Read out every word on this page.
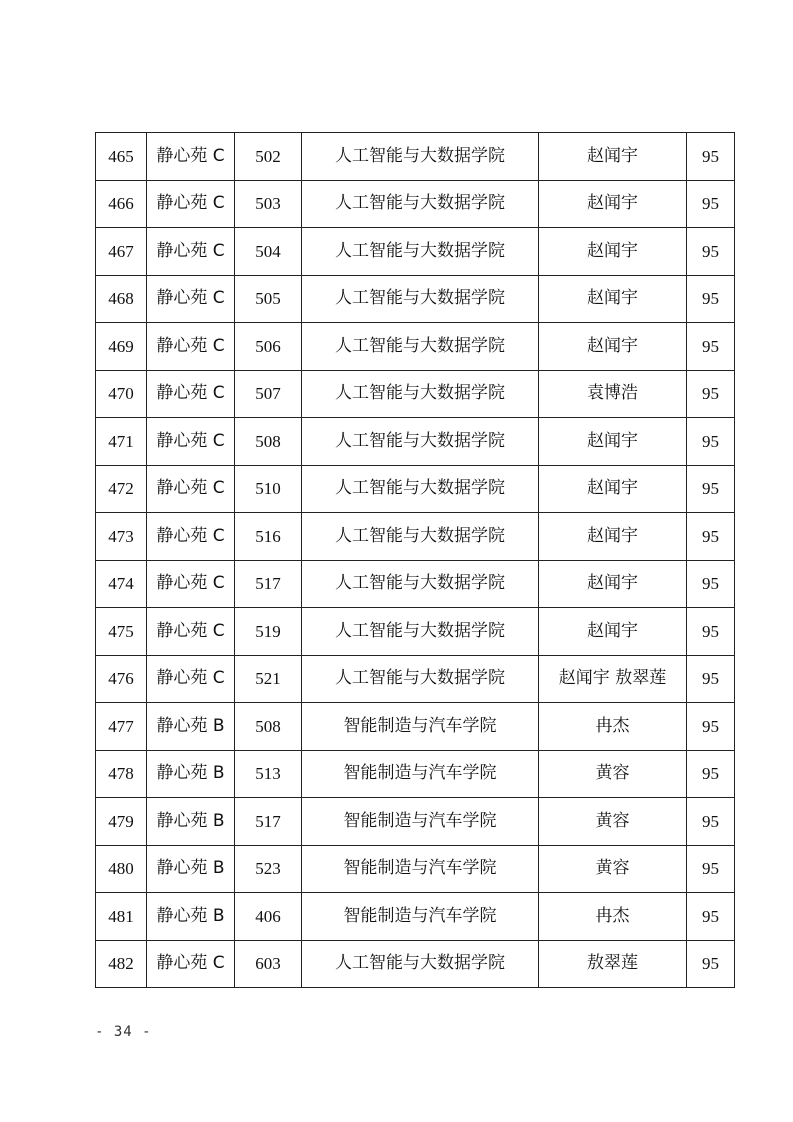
465	静心苑 C	502	人工智能与大数据学院	赵闻宇	95
466	静心苑 C	503	人工智能与大数据学院	赵闻宇	95
467	静心苑 C	504	人工智能与大数据学院	赵闻宇	95
468	静心苑 C	505	人工智能与大数据学院	赵闻宇	95
469	静心苑 C	506	人工智能与大数据学院	赵闻宇	95
470	静心苑 C	507	人工智能与大数据学院	袁博浩	95
471	静心苑 C	508	人工智能与大数据学院	赵闻宇	95
472	静心苑 C	510	人工智能与大数据学院	赵闻宇	95
473	静心苑 C	516	人工智能与大数据学院	赵闻宇	95
474	静心苑 C	517	人工智能与大数据学院	赵闻宇	95
475	静心苑 C	519	人工智能与大数据学院	赵闻宇	95
476	静心苑 C	521	人工智能与大数据学院	赵闻宇 敖翠莲	95
477	静心苑 B	508	智能制造与汽车学院	冉杰	95
478	静心苑 B	513	智能制造与汽车学院	黄容	95
479	静心苑 B	517	智能制造与汽车学院	黄容	95
480	静心苑 B	523	智能制造与汽车学院	黄容	95
481	静心苑 B	406	智能制造与汽车学院	冉杰	95
482	静心苑 C	603	人工智能与大数据学院	敖翠莲	95
- 34 -
